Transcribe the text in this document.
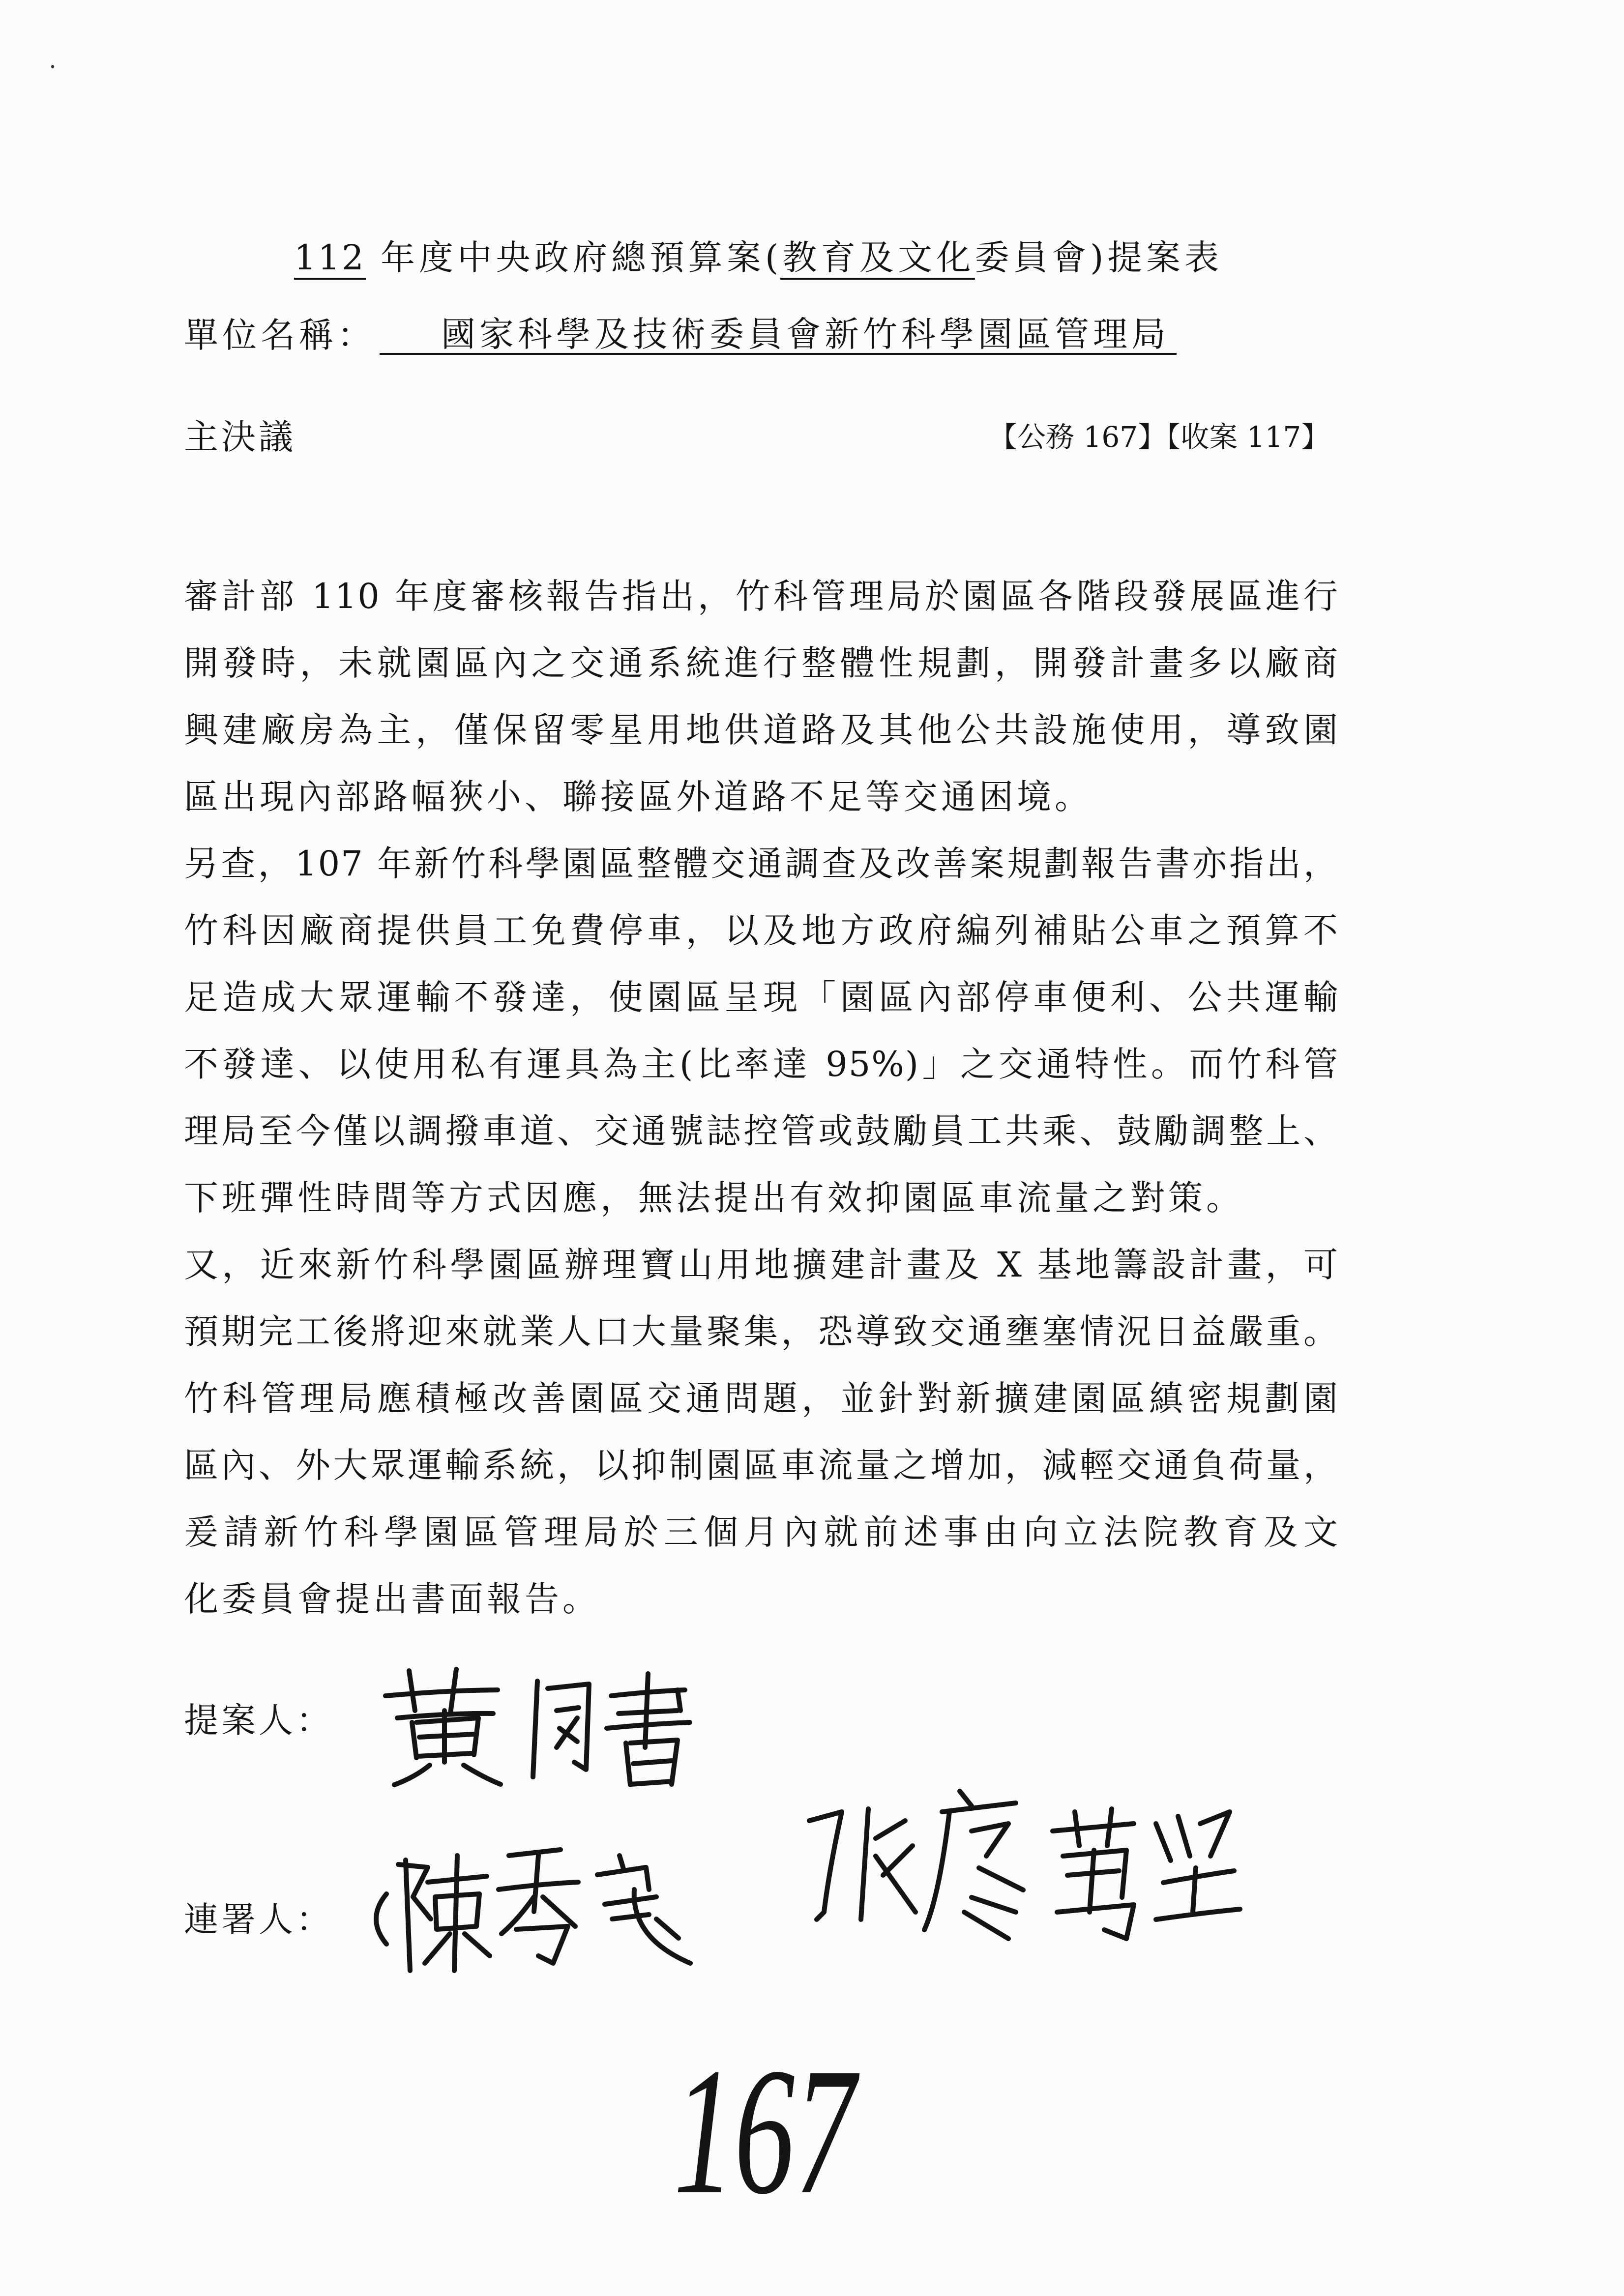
112 年度中央政府總預算案(教育及文化委員會)提案表
單位名稱：	國家科學及技術委員會新竹科學園區管理局
主決議	【公務 167】【收案 117】
審計部 110 年度審核報告指出，竹科管理局於園區各階段發展區進行
開發時，未就園區內之交通系統進行整體性規劃，開發計畫多以廠商
興建廠房為主，僅保留零星用地供道路及其他公共設施使用，導致園
區出現內部路幅狹小、聯接區外道路不足等交通困境。
另查，107 年新竹科學園區整體交通調查及改善案規劃報告書亦指出，
竹科因廠商提供員工免費停車，以及地方政府編列補貼公車之預算不
足造成大眾運輸不發達，使園區呈現「園區內部停車便利、公共運輸
不發達、以使用私有運具為主(比率達 95%)」之交通特性。而竹科管
理局至今僅以調撥車道、交通號誌控管或鼓勵員工共乘、鼓勵調整上、
下班彈性時間等方式因應，無法提出有效抑園區車流量之對策。
又，近來新竹科學園區辦理寶山用地擴建計畫及 X 基地籌設計畫，可
預期完工後將迎來就業人口大量聚集，恐導致交通壅塞情況日益嚴重。
竹科管理局應積極改善園區交通問題，並針對新擴建園區縝密規劃園
區內、外大眾運輸系統，以抑制園區車流量之增加，減輕交通負荷量，
爰請新竹科學園區管理局於三個月內就前述事由向立法院教育及文
化委員會提出書面報告。
提案人：
連署人：
167
